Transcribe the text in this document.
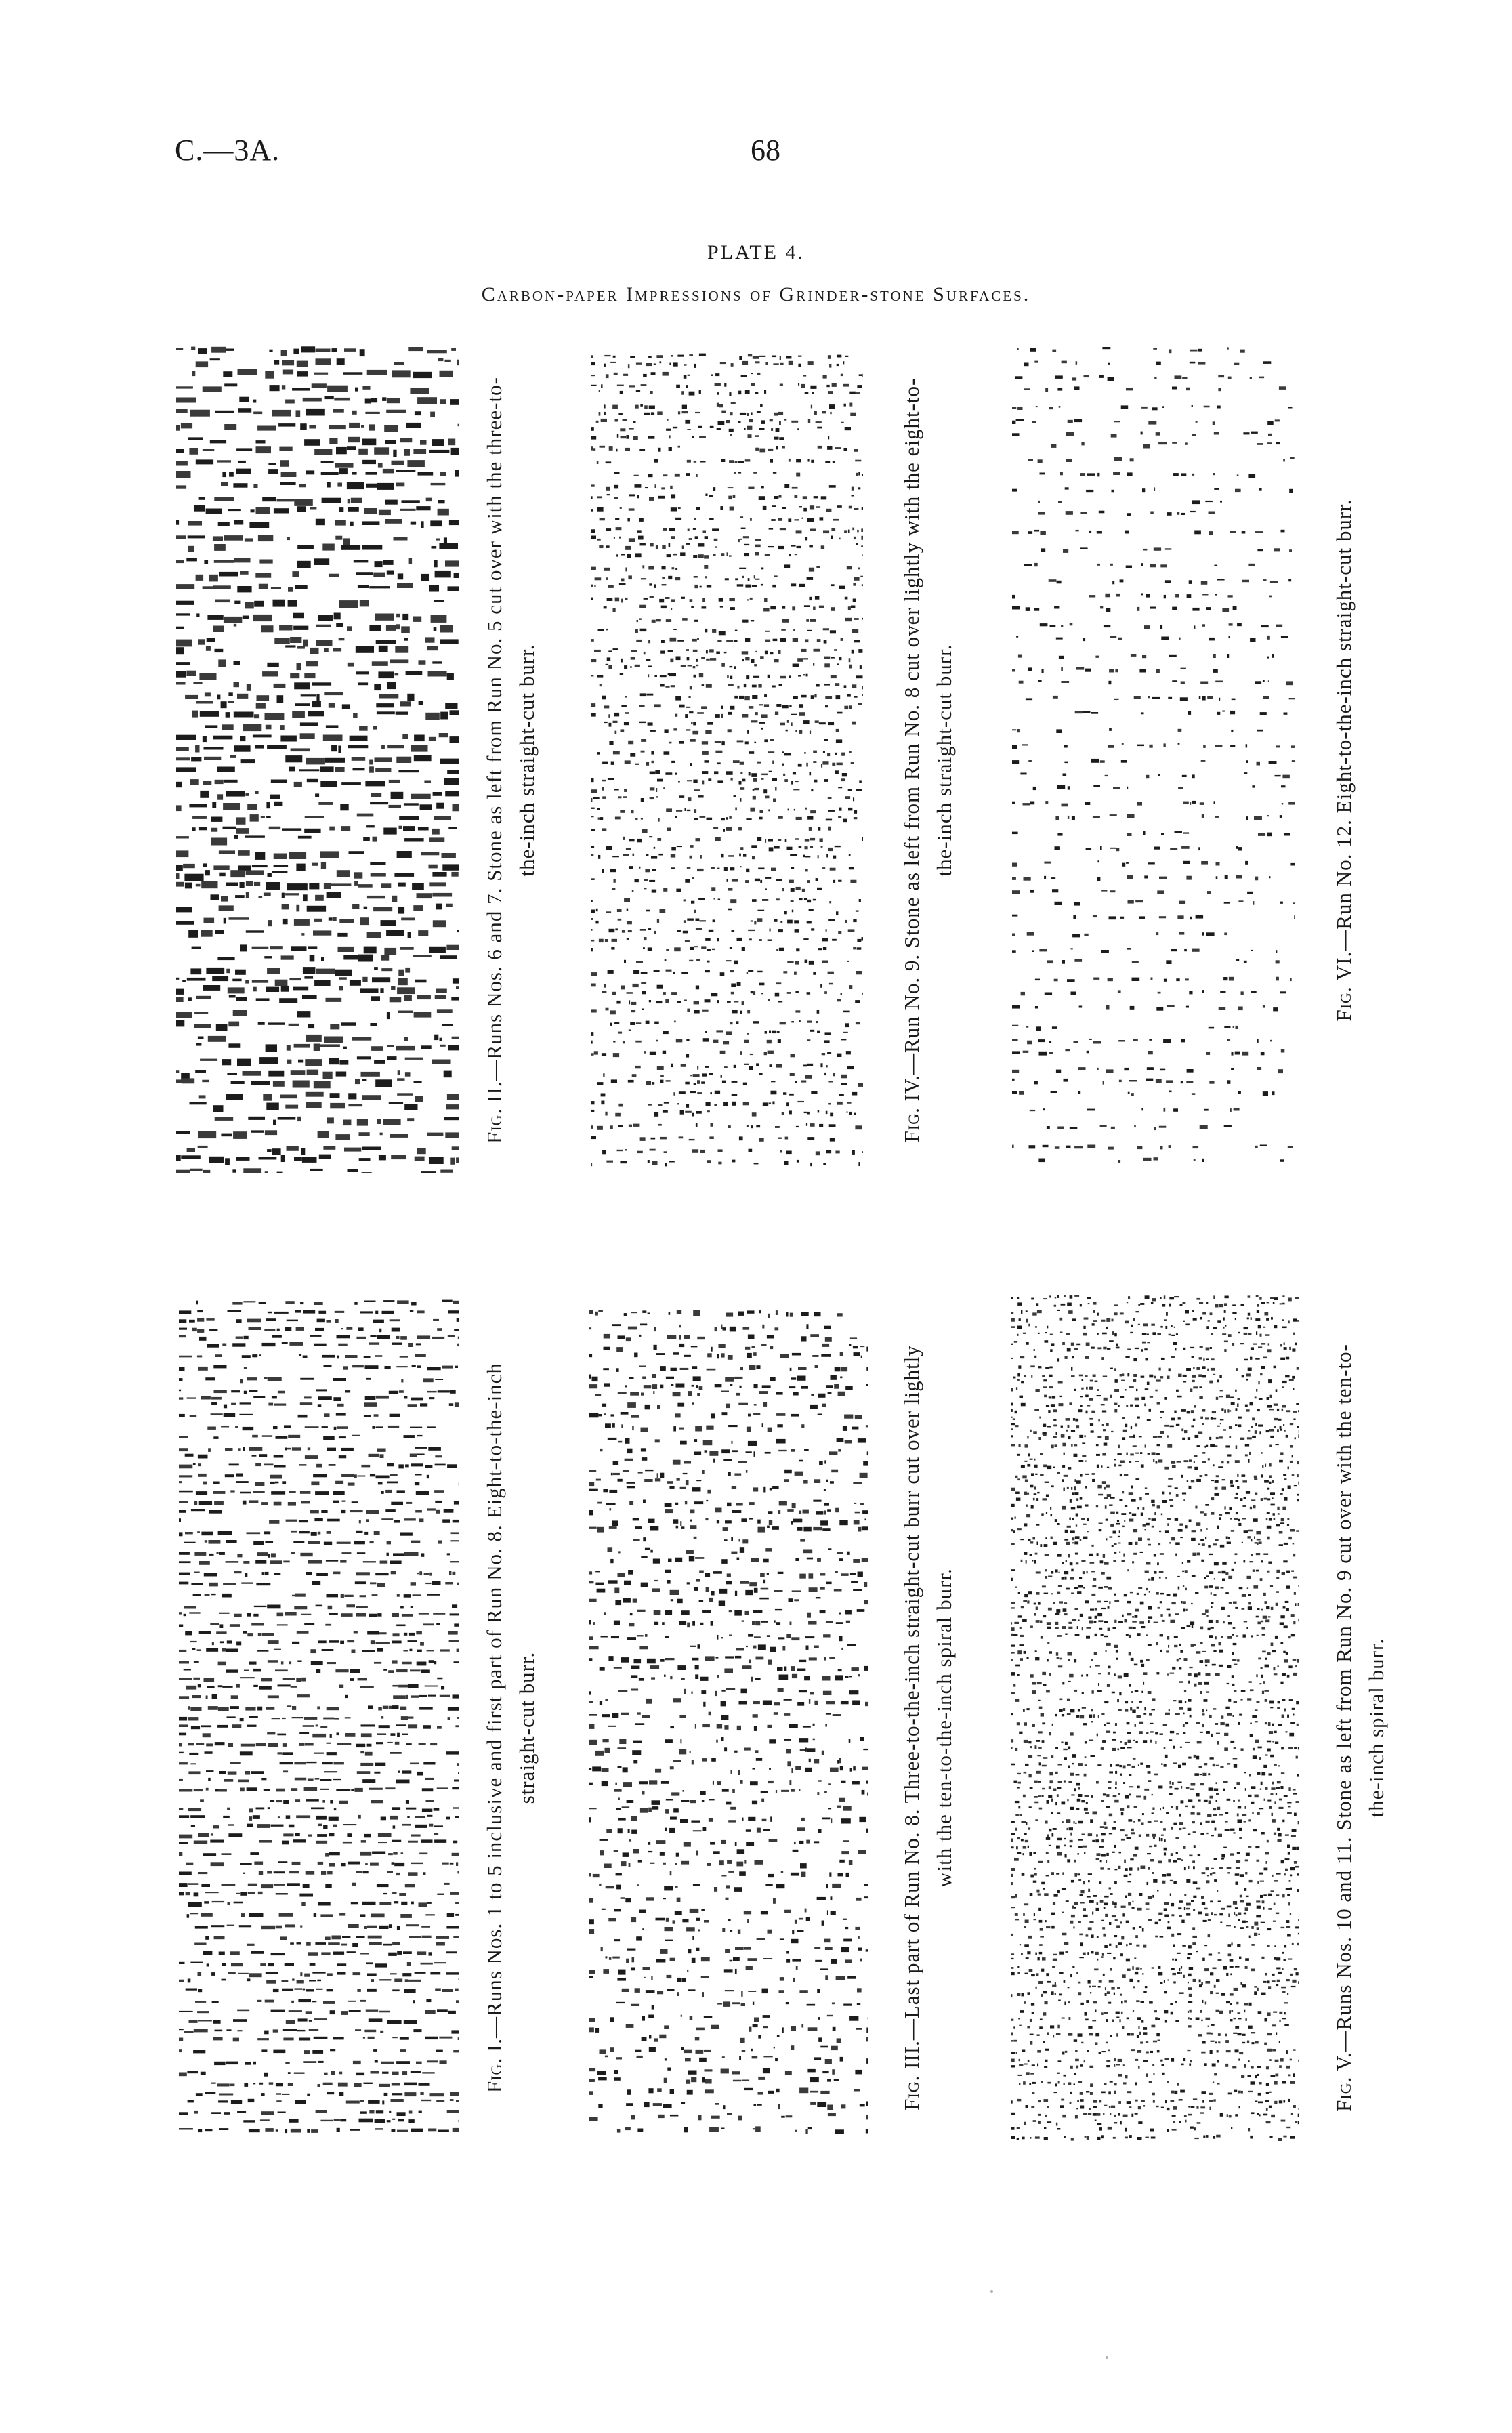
C.—3A.	68
PLATE 4.
Carbon-paper Impressions of Grinder-stone Surfaces.
Fig. II.—Runs Nos. 6 and 7. Stone as left from Run No. 5 cut over with the three-to-the-inch straight-cut burr.
Fig. IV.—Run No. 9. Stone as left from Run No. 8 cut over lightly with the eight-to-the-inch straight-cut burr.
Fig. VI.—Run No. 12. Eight-to-the-inch straight-cut burr.
Fig. I.—Runs Nos. 1 to 5 inclusive and first part of Run No. 8. Eight-to-the-inch straight-cut burr.
Fig. III.—Last part of Run No. 8. Three-to-the-inch straight-cut burr cut over lightly with the ten-to-the-inch spiral burr.
Fig. V.—Runs Nos. 10 and 11. Stone as left from Run No. 9 cut over with the ten-to-the-inch spiral burr.
